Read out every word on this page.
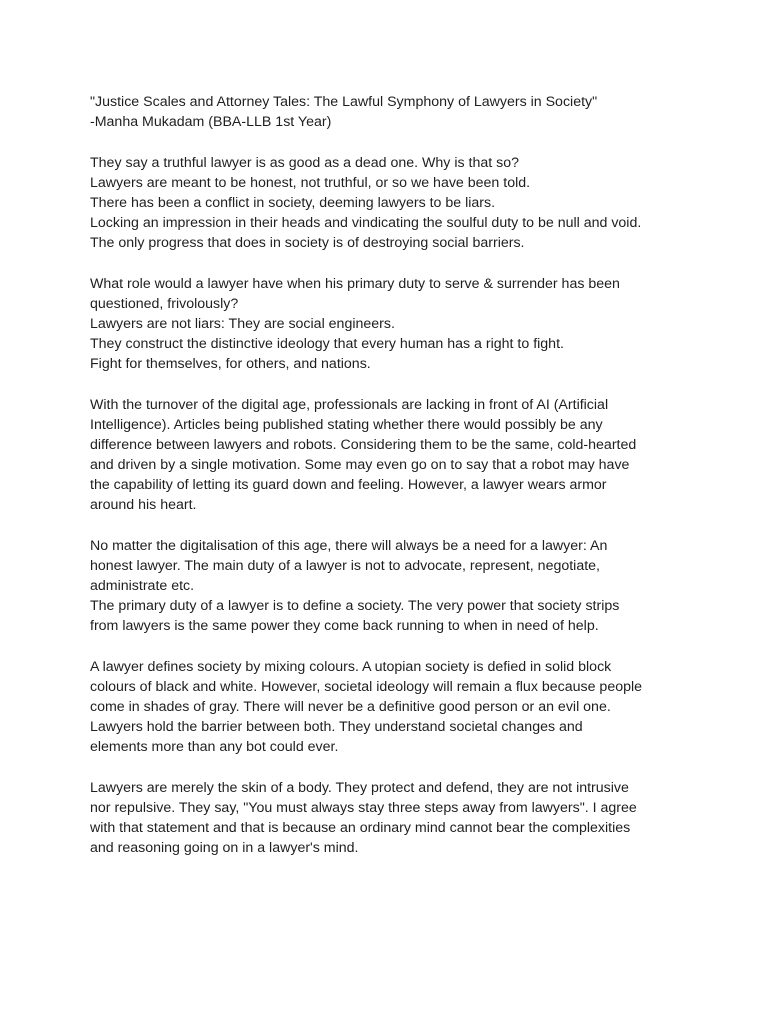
"Justice Scales and Attorney Tales: The Lawful Symphony of Lawyers in Society"
-Manha Mukadam (BBA-LLB 1st Year)
They say a truthful lawyer is as good as a dead one. Why is that so?
Lawyers are meant to be honest, not truthful, or so we have been told.
There has been a conflict in society, deeming lawyers to be liars.
Locking an impression in their heads and vindicating the soulful duty to be null and void.
The only progress that does in society is of destroying social barriers.
What role would a lawyer have when his primary duty to serve & surrender has been
questioned, frivolously?
Lawyers are not liars: They are social engineers.
They construct the distinctive ideology that every human has a right to fight.
Fight for themselves, for others, and nations.
With the turnover of the digital age, professionals are lacking in front of AI (Artificial
Intelligence). Articles being published stating whether there would possibly be any
difference between lawyers and robots. Considering them to be the same, cold-hearted
and driven by a single motivation. Some may even go on to say that a robot may have
the capability of letting its guard down and feeling. However, a lawyer wears armor
around his heart.
No matter the digitalisation of this age, there will always be a need for a lawyer: An
honest lawyer. The main duty of a lawyer is not to advocate, represent, negotiate,
administrate etc.
The primary duty of a lawyer is to define a society. The very power that society strips
from lawyers is the same power they come back running to when in need of help.
A lawyer defines society by mixing colours. A utopian society is defied in solid block
colours of black and white. However, societal ideology will remain a flux because people
come in shades of gray. There will never be a definitive good person or an evil one.
Lawyers hold the barrier between both. They understand societal changes and
elements more than any bot could ever.
Lawyers are merely the skin of a body. They protect and defend, they are not intrusive
nor repulsive. They say, "You must always stay three steps away from lawyers". I agree
with that statement and that is because an ordinary mind cannot bear the complexities
and reasoning going on in a lawyer's mind.
